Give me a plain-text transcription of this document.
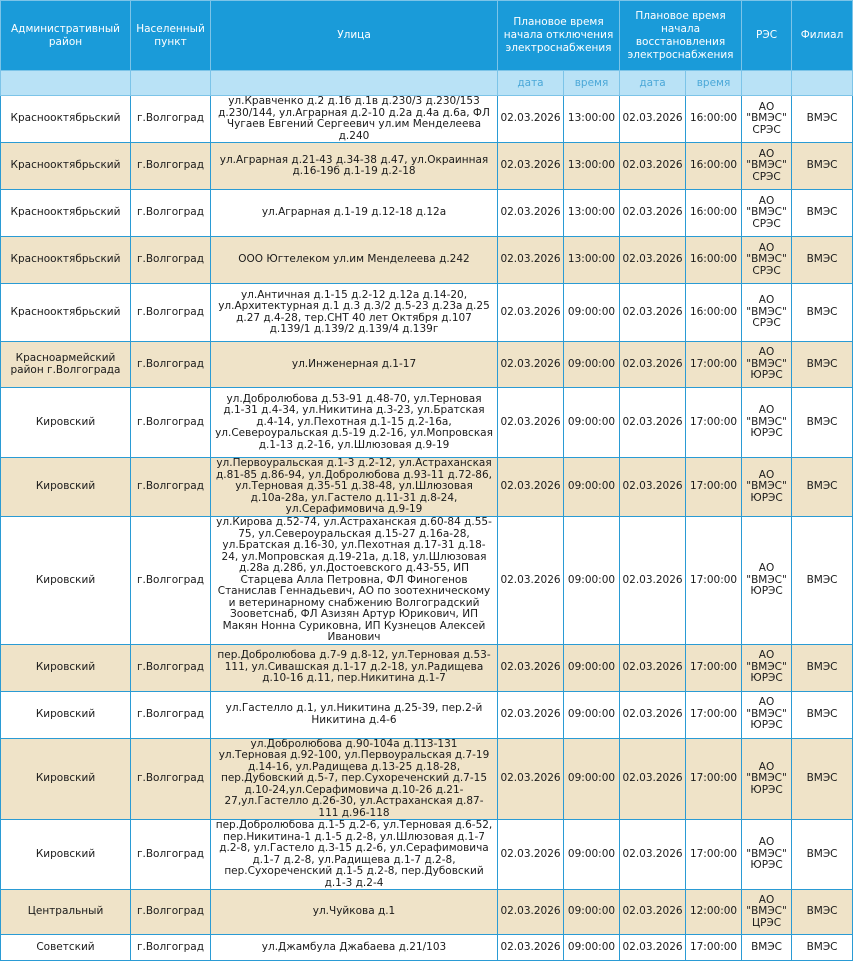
Административный район	Населенный пункт	Улица	Плановое время начала отключения электроснабжения		Плановое время начала восстановления электроснабжения		РЭС	Филиал
			дата	время	дата	время		
Краснооктябрьский	г.Волгоград	ул.Кравченко д.2 д.1б д.1в д.230/3 д.230/153 д.230/144, ул.Аграрная д.2-10 д.2а д.4а д.6а, ФЛ Чугаев Евгений Сергеевич ул.им Менделеева д.240	02.03.2026	13:00:00	02.03.2026	16:00:00	АО "ВМЭС" СРЭС	ВМЭС
Краснооктябрьский	г.Волгоград	ул.Аграрная д.21-43 д.34-38 д.47, ул.Окраинная д.16-19б д.1-19 д.2-18	02.03.2026	13:00:00	02.03.2026	16:00:00	АО "ВМЭС" СРЭС	ВМЭС
Краснооктябрьский	г.Волгоград	ул.Аграрная д.1-19 д.12-18 д.12а	02.03.2026	13:00:00	02.03.2026	16:00:00	АО "ВМЭС" СРЭС	ВМЭС
Краснооктябрьский	г.Волгоград	ООО Югтелеком ул.им Менделеева д.242	02.03.2026	13:00:00	02.03.2026	16:00:00	АО "ВМЭС" СРЭС	ВМЭС
Краснооктябрьский	г.Волгоград	ул.Античная д.1-15 д.2-12 д.12а д.14-20, ул.Архитектурная д.1 д.3 д.3/2 д.5-23 д.23а д.25 д.27 д.4-28, тер.СНТ 40 лет Октября д.107 д.139/1 д.139/2 д.139/4 д.139г	02.03.2026	09:00:00	02.03.2026	16:00:00	АО "ВМЭС" СРЭС	ВМЭС
Красноармейский район г.Волгограда	г.Волгоград	ул.Инженерная д.1-17	02.03.2026	09:00:00	02.03.2026	17:00:00	АО "ВМЭС" ЮРЭС	ВМЭС
Кировский	г.Волгоград	ул.Добролюбова д.53-91 д.48-70, ул.Терновая д.1-31 д.4-34, ул.Никитина д.3-23, ул.Братская д.4-14, ул.Пехотная д.1-15 д.2-16а, ул.Североуральская д.5-19 д.2-16, ул.Мопровская д.1-13 д.2-16, ул.Шлюзовая д.9-19	02.03.2026	09:00:00	02.03.2026	17:00:00	АО "ВМЭС" ЮРЭС	ВМЭС
Кировский	г.Волгоград	ул.Первоуральская д.1-3 д.2-12, ул.Астраханская д.81-85 д.86-94, ул.Добролюбова д.93-11 д.72-86, ул.Терновая д.35-51 д.38-48, ул.Шлюзовая д.10а-28а, ул.Гастело д.11-31 д.8-24, ул.Серафимовича д.9-19	02.03.2026	09:00:00	02.03.2026	17:00:00	АО "ВМЭС" ЮРЭС	ВМЭС
Кировский	г.Волгоград	ул.Кирова д.52-74, ул.Астраханская д.60-84 д.55-75, ул.Североуральская д.15-27 д.16а-28, ул.Братская д.16-30, ул.Пехотная д.17-31 д.18-24, ул.Мопровская д.19-21а, д.18, ул.Шлюзовая д.28а д.28б, ул.Достоевского д.43-55, ИП Старцева Алла Петровна, ФЛ Финогенов Станислав Геннадьевич, АО по зоотехническому и ветеринарному снабжению Волгоградский Зооветснаб, ФЛ Азизян Артур Юрикович, ИП Макян Нонна Суриковна, ИП Кузнецов Алексей Иванович	02.03.2026	09:00:00	02.03.2026	17:00:00	АО "ВМЭС" ЮРЭС	ВМЭС
Кировский	г.Волгоград	пер.Добролюбова д.7-9 д.8-12, ул.Терновая д.53-111, ул.Сивашская д.1-17 д.2-18, ул.Радищева д.10-16 д.11, пер.Никитина д.1-7	02.03.2026	09:00:00	02.03.2026	17:00:00	АО "ВМЭС" ЮРЭС	ВМЭС
Кировский	г.Волгоград	ул.Гастелло д.1, ул.Никитина д.25-39, пер.2-й Никитина д.4-6	02.03.2026	09:00:00	02.03.2026	17:00:00	АО "ВМЭС" ЮРЭС	ВМЭС
Кировский	г.Волгоград	ул.Добролюбова д.90-104а д.113-131 ул.Терновая д.92-100, ул.Первоуральская д.7-19 д.14-16, ул.Радищева д.13-25 д.18-28, пер.Дубовский д.5-7, пер.Сухореченский д.7-15 д.10-24,ул.Серафимовича д.10-26 д.21-27,ул.Гастелло д.26-30, ул.Астраханская д.87-111 д.96-118	02.03.2026	09:00:00	02.03.2026	17:00:00	АО "ВМЭС" ЮРЭС	ВМЭС
Кировский	г.Волгоград	пер.Добролюбова д.1-5 д.2-6, ул.Терновая д.6-52, пер.Никитина-1 д.1-5 д.2-8, ул.Шлюзовая д.1-7 д.2-8, ул.Гастело д.3-15 д.2-6, ул.Серафимовича д.1-7 д.2-8, ул.Радищева д.1-7 д.2-8, пер.Сухореченский д.1-5 д.2-8, пер.Дубовский д.1-3 д.2-4	02.03.2026	09:00:00	02.03.2026	17:00:00	АО "ВМЭС" ЮРЭС	ВМЭС
Центральный	г.Волгоград	ул.Чуйкова д.1	02.03.2026	09:00:00	02.03.2026	12:00:00	АО "ВМЭС" ЦРЭС	ВМЭС
Советский	г.Волгоград	ул.Джамбула Джабаева д.21/103	02.03.2026	09:00:00	02.03.2026	17:00:00	ВМЭС	ВМЭС
